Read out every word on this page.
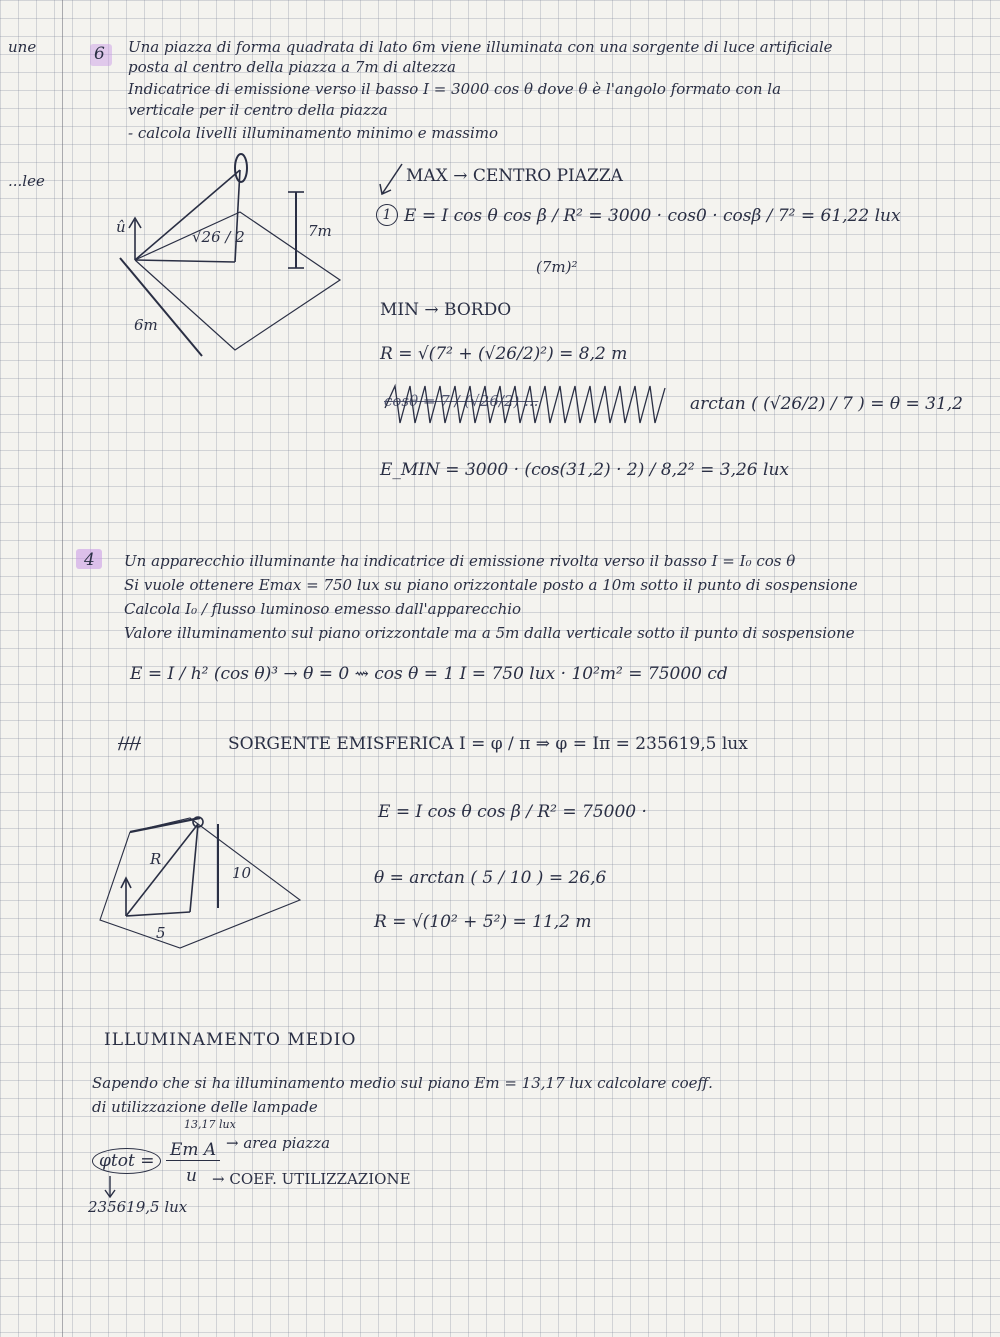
une
...lee
6 Una piazza di forma quadrata di lato 6m viene illuminata con una sorgente di luce artificiale
posta al centro della piazza a 7m di altezza
Indicatrice di emissione verso il basso I = 3000 cos θ dove θ è l'angolo formato con la
verticale per il centro della piazza
- calcola livelli illuminamento minimo e massimo
û
√26 / 2	7m
6m
MAX → CENTRO PIAZZA
1 E = I cos θ cos β / R² = 3000 · cos0 · cosβ / 7² = 61,22 lux
(7m)²
MIN → BORDO
R = √(7² + (√26/2)²) = 8,2 m
cosθ = 7 / (√26/2) ...	arctan ( (√26/2) / 7 ) = θ = 31,2
E_MIN = 3000 · (cos(31,2) · 2) / 8,2² = 3,26 lux
4 Un apparecchio illuminante ha indicatrice di emissione rivolta verso il basso I = I₀ cos θ
Si vuole ottenere Emax = 750 lux su piano orizzontale posto a 10m sotto il punto di sospensione
Calcola I₀ / flusso luminoso emesso dall'apparecchio
Valore illuminamento sul piano orizzontale ma a 5m dalla verticale sotto il punto di sospensione
E = I / h² (cos θ)³ → θ = 0 ⇝ cos θ = 1 I = 750 lux · 10²m² = 75000 cd
////	SORGENTE EMISFERICA I = φ / π ⇒ φ = Iπ = 235619,5 lux
R
10
5
E = I cos θ cos β / R² = 75000 ·
θ = arctan ( 5 / 10 ) = 26,6
R = √(10² + 5²) = 11,2 m
ILLUMINAMENTO MEDIO
Sapendo che si ha illuminamento medio sul piano Em = 13,17 lux calcolare coeff.
di utilizzazione delle lampade
13,17 lux
φtot =
Em A
u
→ area piazza
→ COEF. UTILIZZAZIONE
235619,5 lux
